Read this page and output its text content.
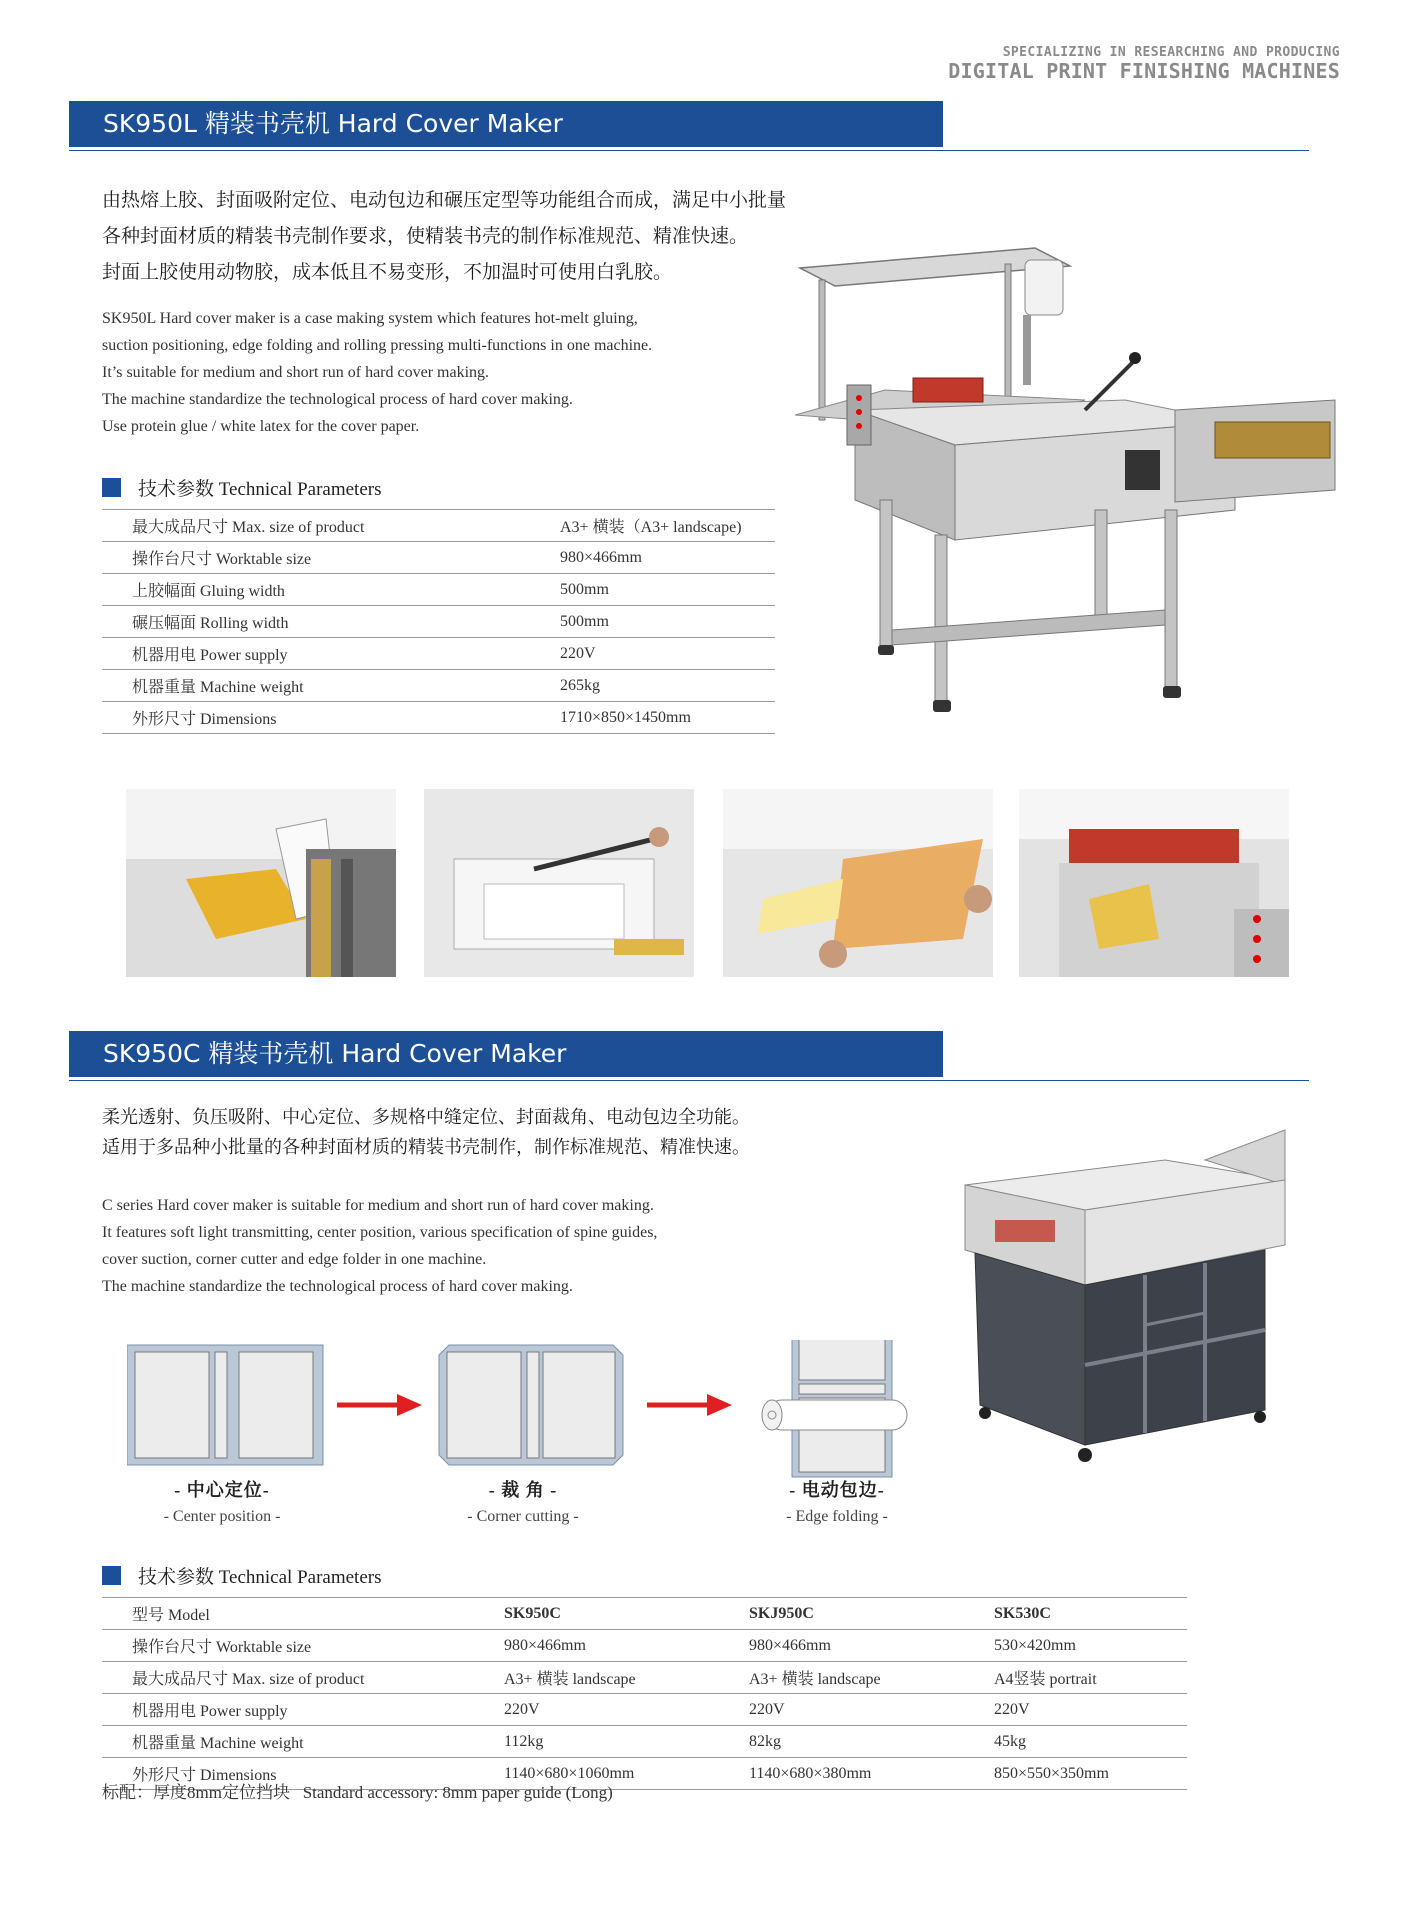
SPECIALIZING IN RESEARCHING AND PRODUCING
DIGITAL PRINT FINISHING MACHINES
SK950L 精装书壳机 Hard Cover Maker
由热熔上胶、封面吸附定位、电动包边和碾压定型等功能组合而成，满足中小批量
各种封面材质的精装书壳制作要求，使精装书壳的制作标准规范、精准快速。
封面上胶使用动物胶，成本低且不易变形，不加温时可使用白乳胶。
SK950L Hard cover maker is a case making system which features hot-melt gluing,
suction positioning, edge folding and rolling pressing multi-functions in one machine.
It’s suitable for medium and short run of hard cover making.
The machine standardize the technological process of hard cover making.
Use protein glue / white latex for the cover paper.
技术参数 Technical Parameters
最大成品尺寸 Max. size of product	A3+ 横装（A3+ landscape)
操作台尺寸 Worktable size	980×466mm
上胶幅面 Gluing width	500mm
碾压幅面 Rolling width	500mm
机器用电 Power supply	220V
机器重量 Machine weight	265kg
外形尺寸 Dimensions	1710×850×1450mm
SK950C 精装书壳机 Hard Cover Maker
柔光透射、负压吸附、中心定位、多规格中缝定位、封面裁角、电动包边全功能。
适用于多品种小批量的各种封面材质的精装书壳制作，制作标准规范、精准快速。
C series Hard cover maker is suitable for medium and short run of hard cover making.
It features soft light transmitting, center position, various specification of spine guides,
cover suction, corner cutter and edge folder in one machine.
The machine standardize the technological process of hard cover making.
- 中心定位-
- Center position -
- 裁 角 -
- Corner cutting -
- 电动包边-
- Edge folding -
技术参数 Technical Parameters
型号 Model	SK950C	SKJ950C	SK530C
操作台尺寸 Worktable size	980×466mm	980×466mm	530×420mm
最大成品尺寸 Max. size of product	A3+ 横装 landscape	A3+ 横装 landscape	A4竖装 portrait
机器用电 Power supply	220V	220V	220V
机器重量 Machine weight	112kg	82kg	45kg
外形尺寸 Dimensions	1140×680×1060mm	1140×680×380mm	850×550×350mm
标配：厚度8mm定位挡块   Standard accessory: 8mm paper guide (Long)
